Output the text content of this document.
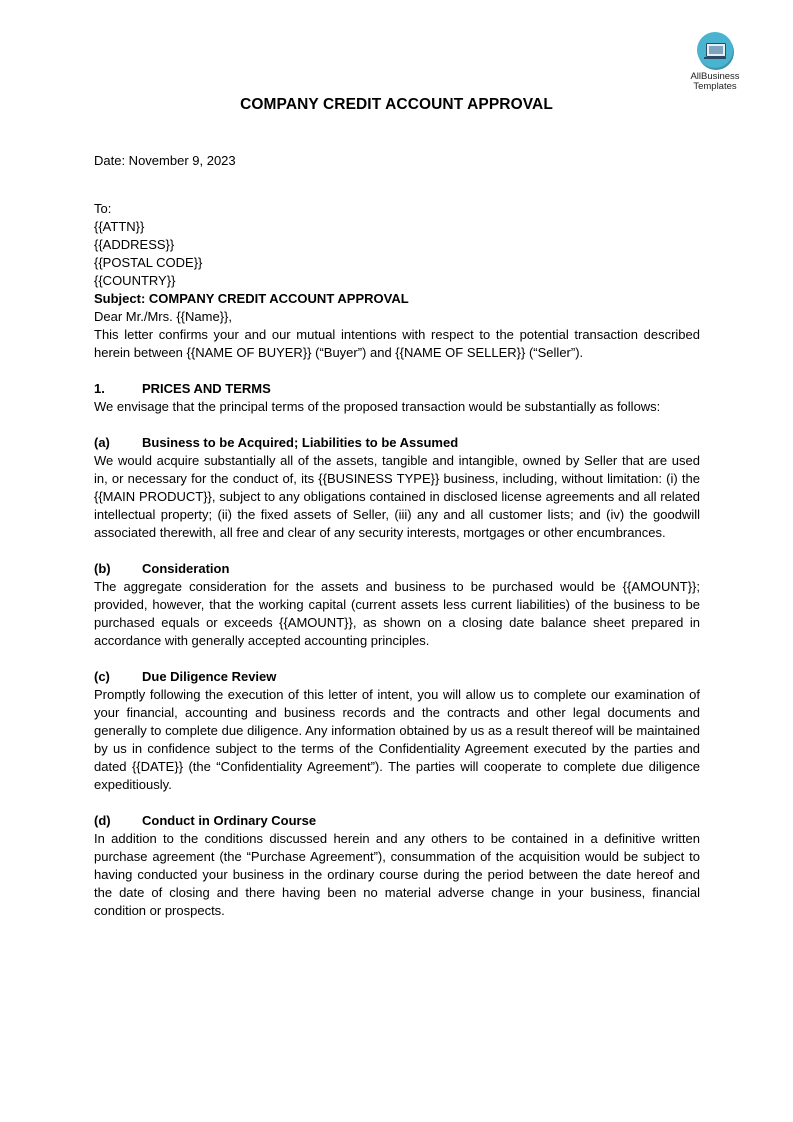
AllBusiness
Templates
COMPANY CREDIT ACCOUNT APPROVAL

Date: November 9, 2023

To:

{{ATTN}}

{{ADDRESS}}

{{POSTAL CODE}}

{{COUNTRY}}

Subject: COMPANY CREDIT ACCOUNT APPROVAL

Dear Mr./Mrs. {{Name}},

This letter confirms your and our mutual intentions with respect to the potential transaction described herein between {{NAME OF BUYER}} (“Buyer”) and {{NAME OF SELLER}} (“Seller”).

1.	PRICES AND TERMS

We envisage that the principal terms of the proposed transaction would be substantially as follows:

(a)	Business to be Acquired; Liabilities to be Assumed

We would acquire substantially all of the assets, tangible and intangible, owned by Seller that are used in, or necessary for the conduct of, its {{BUSINESS TYPE}} business, including, without limitation: (i) the {{MAIN PRODUCT}}, subject to any obligations contained in disclosed license agreements and all related intellectual property; (ii) the fixed assets of Seller, (iii) any and all customer lists; and (iv) the goodwill associated therewith, all free and clear of any security interests, mortgages or other encumbrances.

(b)	Consideration

The aggregate consideration for the assets and business to be purchased would be {{AMOUNT}}; provided, however, that the working capital (current assets less current liabilities) of the business to be purchased equals or exceeds {{AMOUNT}}, as shown on a closing date balance sheet prepared in accordance with generally accepted accounting principles.

(c)	Due Diligence Review

Promptly following the execution of this letter of intent, you will allow us to complete our examination of your financial, accounting and business records and the contracts and other legal documents and generally to complete due diligence. Any information obtained by us as a result thereof will be maintained by us in confidence subject to the terms of the Confidentiality Agreement executed by the parties and dated {{DATE}} (the “Confidentiality Agreement”). The parties will cooperate to complete due diligence expeditiously.

(d)	Conduct in Ordinary Course

In addition to the conditions discussed herein and any others to be contained in a definitive written purchase agreement (the “Purchase Agreement”), consummation of the acquisition would be subject to having conducted your business in the ordinary course during the period between the date hereof and the date of closing and there having been no material adverse change in your business, financial condition or prospects.
